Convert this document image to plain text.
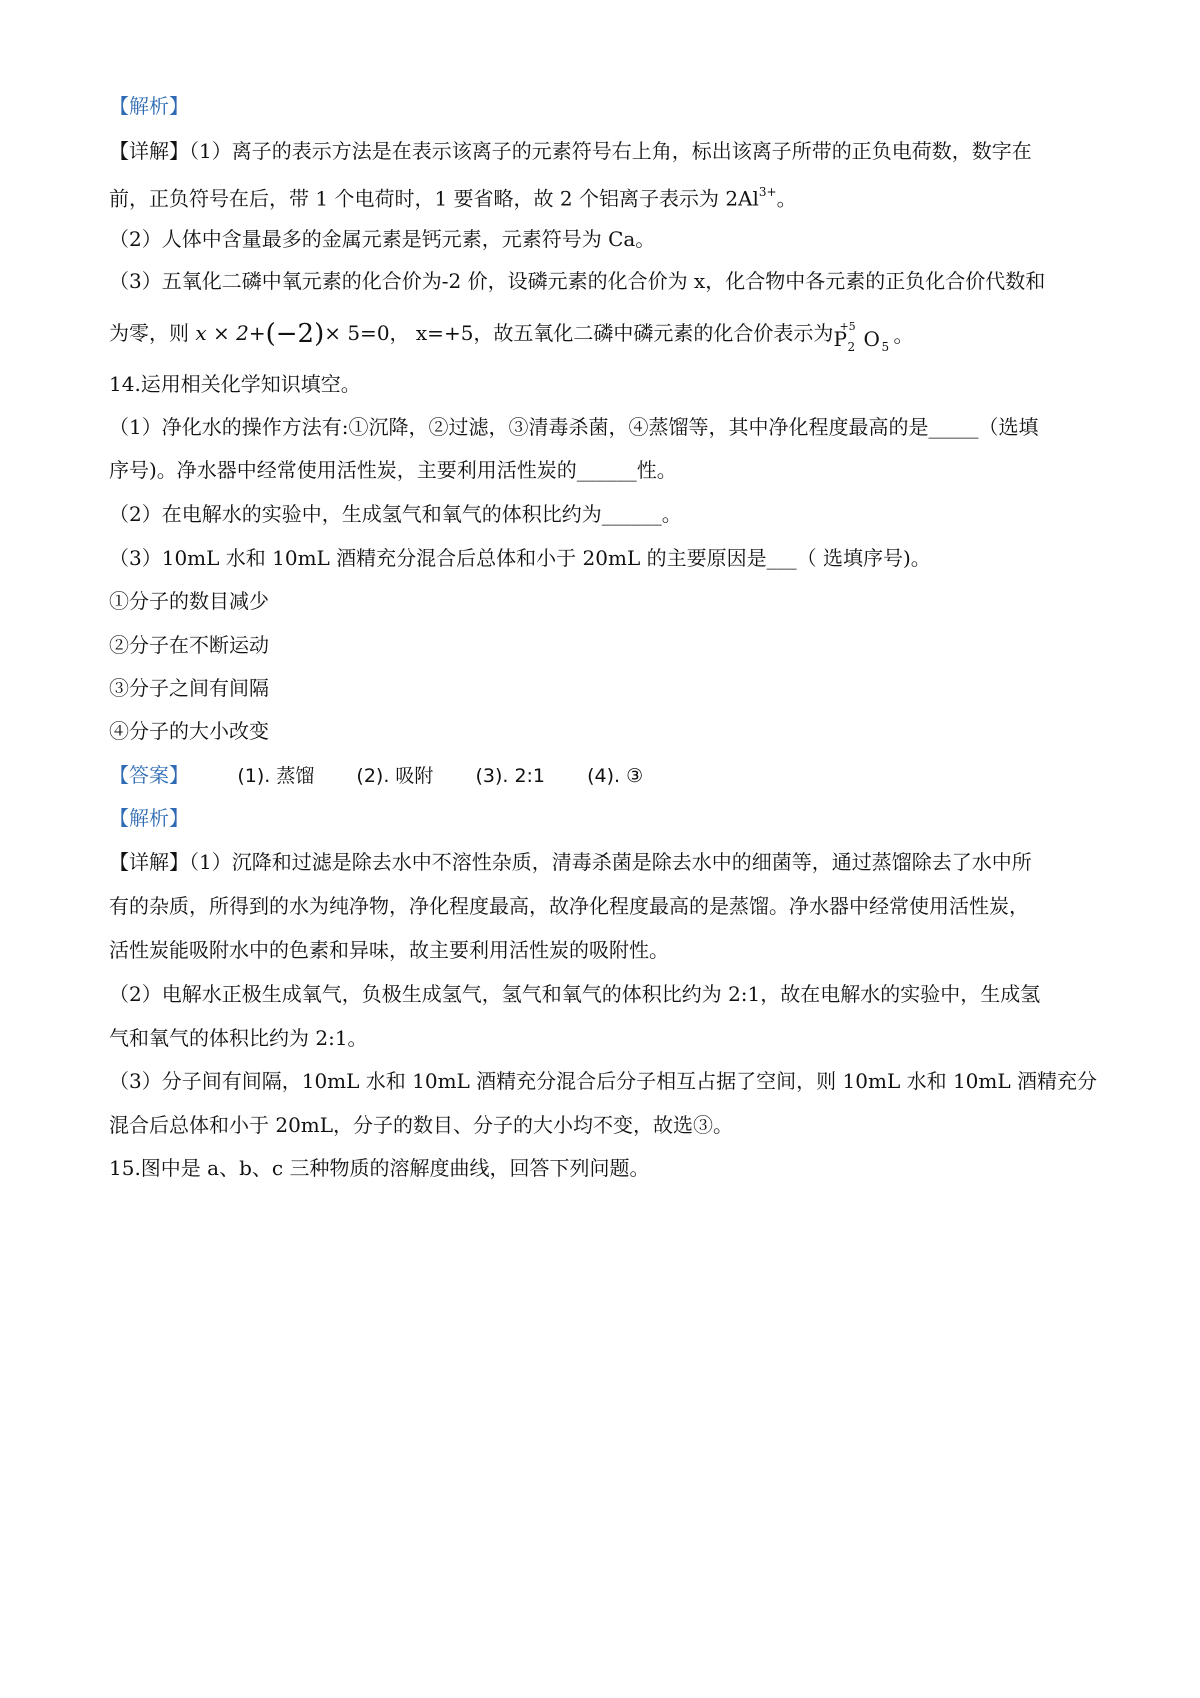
【解析】
【详解】（1）离子的表示方法是在表示该离子的元素符号右上角，标出该离子所带的正负电荷数，数字在
前，正负符号在后，带 1 个电荷时，1 要省略，故 2 个铝离子表示为 $2Al^{3+}$。
（2）人体中含量最多的金属元素是钙元素，元素符号为 Ca。
（3）五氧化二磷中氧元素的化合价为-2 价，设磷元素的化合价为 x，化合物中各元素的正负化合价代数和
为零，则 x × 2+(−2)× 5=0， x=+5，故五氧化二磷中磷元素的化合价表示为 +5
P 2 O 5 。
14.运用相关化学知识填空。
（1）净化水的操作方法有:①沉降，②过滤，③清毒杀菌，④蒸馏等，其中净化程度最高的是_____（选填
序号)。净水器中经常使用活性炭，主要利用活性炭的______性。
（2）在电解水的实验中，生成氢气和氧气的体积比约为______。
（3）10mL 水和 10mL 酒精充分混合后总体和小于 20mL 的主要原因是___（ 选填序号)。
①分子的数目减少
②分子在不断运动
③分子之间有间隔
④分子的大小改变
【答案】	(1). 蒸馏 (2). 吸附 (3). 2:1 (4). ③
【解析】
【详解】（1）沉降和过滤是除去水中不溶性杂质，清毒杀菌是除去水中的细菌等，通过蒸馏除去了水中所
有的杂质，所得到的水为纯净物，净化程度最高，故净化程度最高的是蒸馏。净水器中经常使用活性炭，
活性炭能吸附水中的色素和异味，故主要利用活性炭的吸附性。
（2）电解水正极生成氧气，负极生成氢气，氢气和氧气的体积比约为 2:1，故在电解水的实验中，生成氢
气和氧气的体积比约为 2:1。
（3）分子间有间隔，10mL 水和 10mL 酒精充分混合后分子相互占据了空间，则 10mL 水和 10mL 酒精充分
混合后总体和小于 20mL，分子的数目、分子的大小均不变，故选③。
15.图中是 a、b、c 三种物质的溶解度曲线，回答下列问题。
